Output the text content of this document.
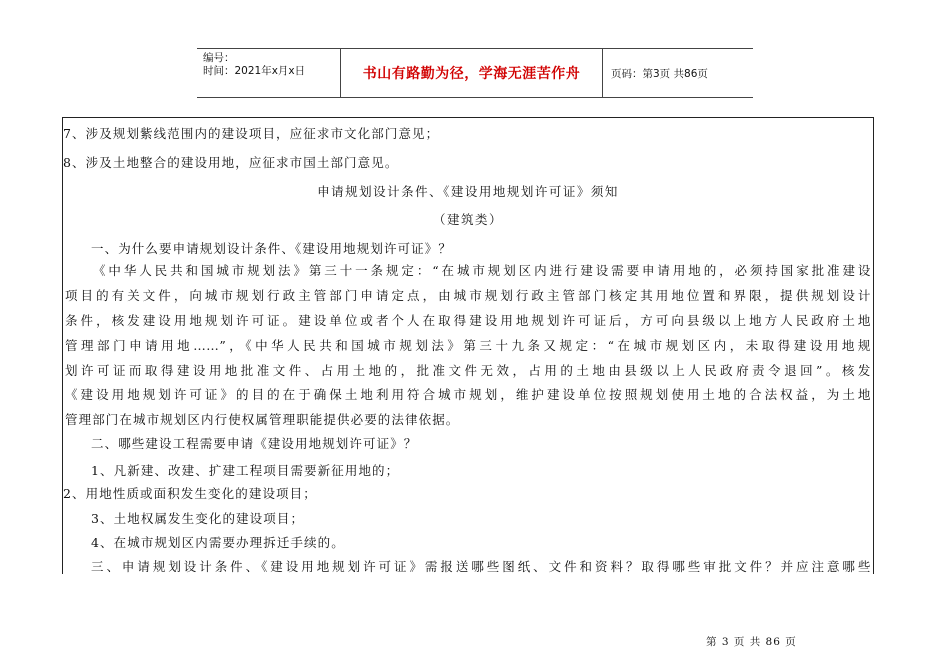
编号：
时间：2021年x月x日	书山有路勤为径，学海无涯苦作舟	页码：第3页 共86页
7、涉及规划紫线范围内的建设项目，应征求市文化部门意见；
8、涉及土地整合的建设用地，应征求市国土部门意见。
申请规划设计条件、《建设用地规划许可证》须知
（建筑类）
一、为什么要申请规划设计条件、《建设用地规划许可证》？
《中华人民共和国城市规划法》第三十一条规定：“在城市规划区内进行建设需要申请用地的，必须持国家批准建设
项目的有关文件，向城市规划行政主管部门申请定点，由城市规划行政主管部门核定其用地位置和界限，提供规划设计
条件，核发建设用地规划许可证。建设单位或者个人在取得建设用地规划许可证后，方可向县级以上地方人民政府土地
管理部门申请用地……”，《中华人民共和国城市规划法》第三十九条又规定：“在城市规划区内，未取得建设用地规
划许可证而取得建设用地批准文件、占用土地的，批准文件无效，占用的土地由县级以上人民政府责令退回”。核发
《建设用地规划许可证》的目的在于确保土地利用符合城市规划，维护建设单位按照规划使用土地的合法权益，为土地
管理部门在城市规划区内行使权属管理职能提供必要的法律依据。
二、哪些建设工程需要申请《建设用地规划许可证》？
1、凡新建、改建、扩建工程项目需要新征用地的；
2、用地性质或面积发生变化的建设项目；
3、土地权属发生变化的建设项目；
4、在城市规划区内需要办理拆迁手续的。
三、申请规划设计条件、《建设用地规划许可证》需报送哪些图纸、文件和资料？取得哪些审批文件？并应注意哪些
第 3 页 共 86 页
